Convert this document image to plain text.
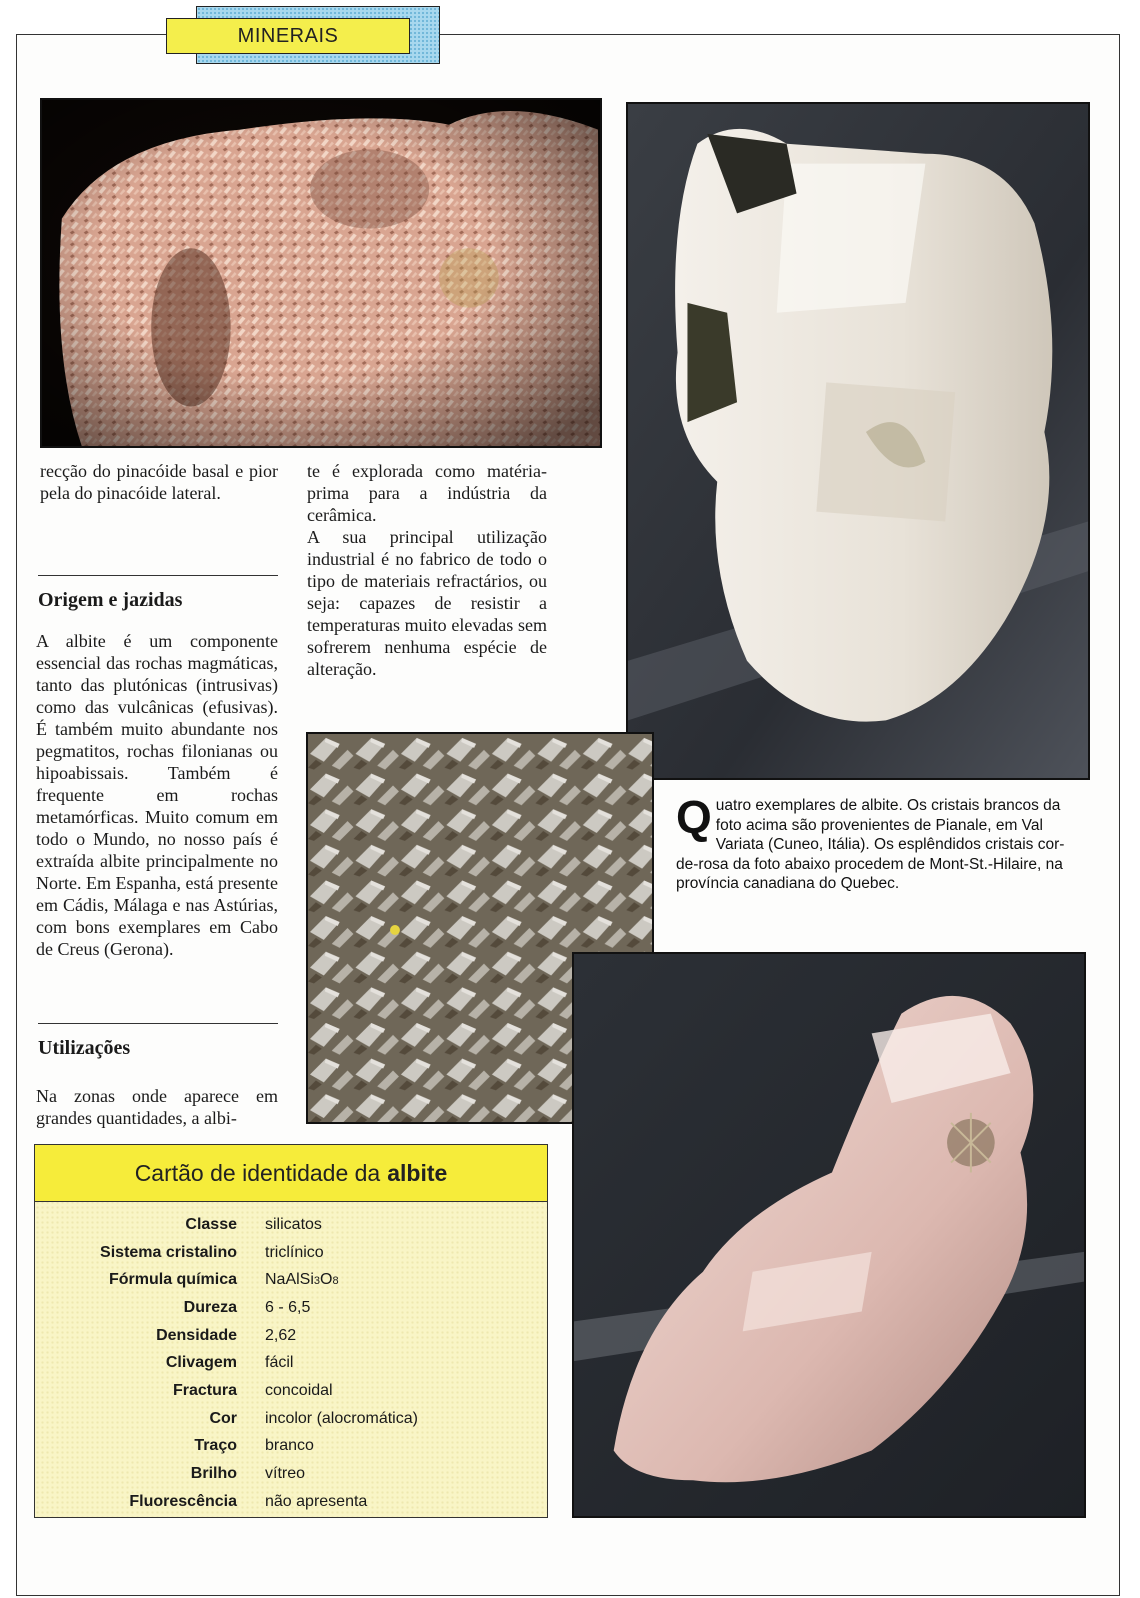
MINERAIS

recção do pinacóide basal e pior pela do pinacóide lateral.

Origem e jazidas

A albite é um componente essencial das rochas magmáticas, tanto das plutónicas (intrusivas) como das vulcânicas (efusivas). É também muito abundante nos pegmatitos, rochas filonianas ou hipoabissais. Também é frequente em rochas metamórficas. Muito comum em todo o Mundo, no nosso país é extraída albite principalmente no Norte. Em Espanha, está presente em Cádis, Málaga e nas Astúrias, com bons exemplares em Cabo de Creus (Gerona).

Utilizações

Na zonas onde aparece em grandes quantidades, a albi-

te é explorada como matéria-prima para a indústria da cerâmica.

A sua principal utilização industrial é no fabrico de todo o tipo de materiais refractários, ou seja: capazes de resistir a temperaturas muito elevadas sem sofrerem nenhuma espécie de alteração.

Q uatro exemplares de albite. Os cristais brancos da foto acima são provenientes de Pianale, em Val Variata (Cuneo, Itália). Os esplêndidos cristais cor-de-rosa da foto abaixo procedem de Mont-St.-Hilaire, na província canadiana do Quebec.
Cartão de identidade da albite
Classe	silicatos
Sistema cristalino	triclínico
Fórmula química	NaAlSi 3 O 8
Dureza	6 - 6,5
Densidade	2,62
Clivagem	fácil
Fractura	concoidal
Cor	incolor (alocromática)
Traço	branco
Brilho	vítreo
Fluorescência	não apresenta
